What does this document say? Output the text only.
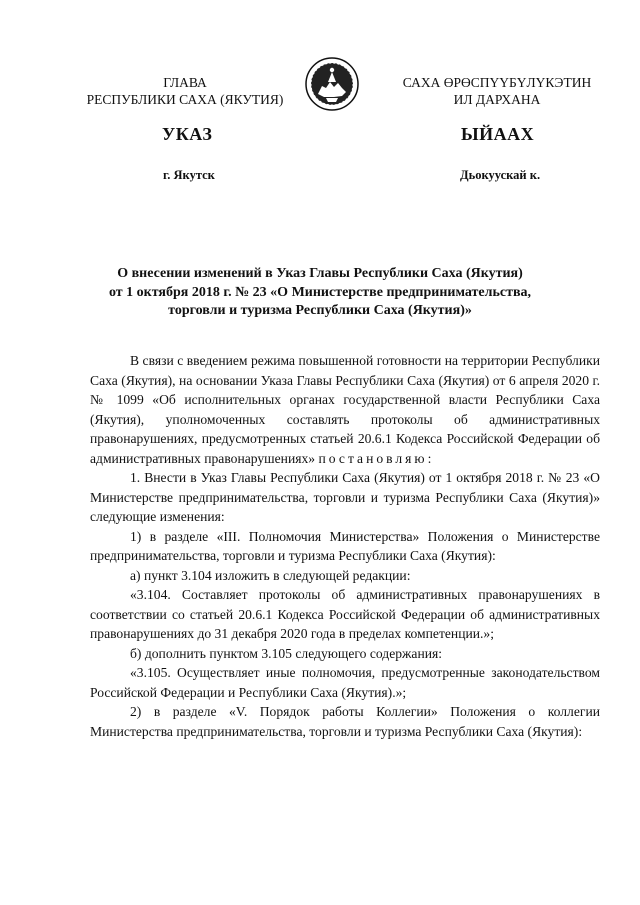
ГЛАВА
РЕСПУБЛИКИ САХА (ЯКУТИЯ)
САХА ӨРӨСПҮҮБҮЛҮКЭТИН
ИЛ ДАРХАНА
УКАЗ	ЫЙААХ
г. Якутск	Дьокуускай к.
О внесении изменений в Указ Главы Республики Саха (Якутия)
от 1 октября 2018 г. № 23 «О Министерстве предпринимательства,
торговли и туризма Республики Саха (Якутия)»

В связи с введением режима повышенной готовности на территории Республики Саха (Якутия), на основании Указа Главы Республики Саха (Якутия) от 6 апреля 2020 г. № 1099 «Об исполнительных органах государственной власти Республики Саха (Якутия), уполномоченных составлять протоколы об административных правонарушениях, предусмотренных статьей 20.6.1 Кодекса Российской Федерации об административных правонарушениях» постановляю:

1. Внести в Указ Главы Республики Саха (Якутия) от 1 октября 2018 г. № 23 «О Министерстве предпринимательства, торговли и туризма Республики Саха (Якутия)» следующие изменения:

1) в разделе «III. Полномочия Министерства» Положения о Министерстве предпринимательства, торговли и туризма Республики Саха (Якутия):

а) пункт 3.104 изложить в следующей редакции:

«3.104. Составляет протоколы об административных правонарушениях в соответствии со статьей 20.6.1 Кодекса Российской Федерации об административных правонарушениях до 31 декабря 2020 года в пределах компетенции.»;

б) дополнить пунктом 3.105 следующего содержания:

«3.105. Осуществляет иные полномочия, предусмотренные законодательством Российской Федерации и Республики Саха (Якутия).»;

2) в разделе «V. Порядок работы Коллегии» Положения о коллегии Министерства предпринимательства, торговли и туризма Республики Саха (Якутия):
